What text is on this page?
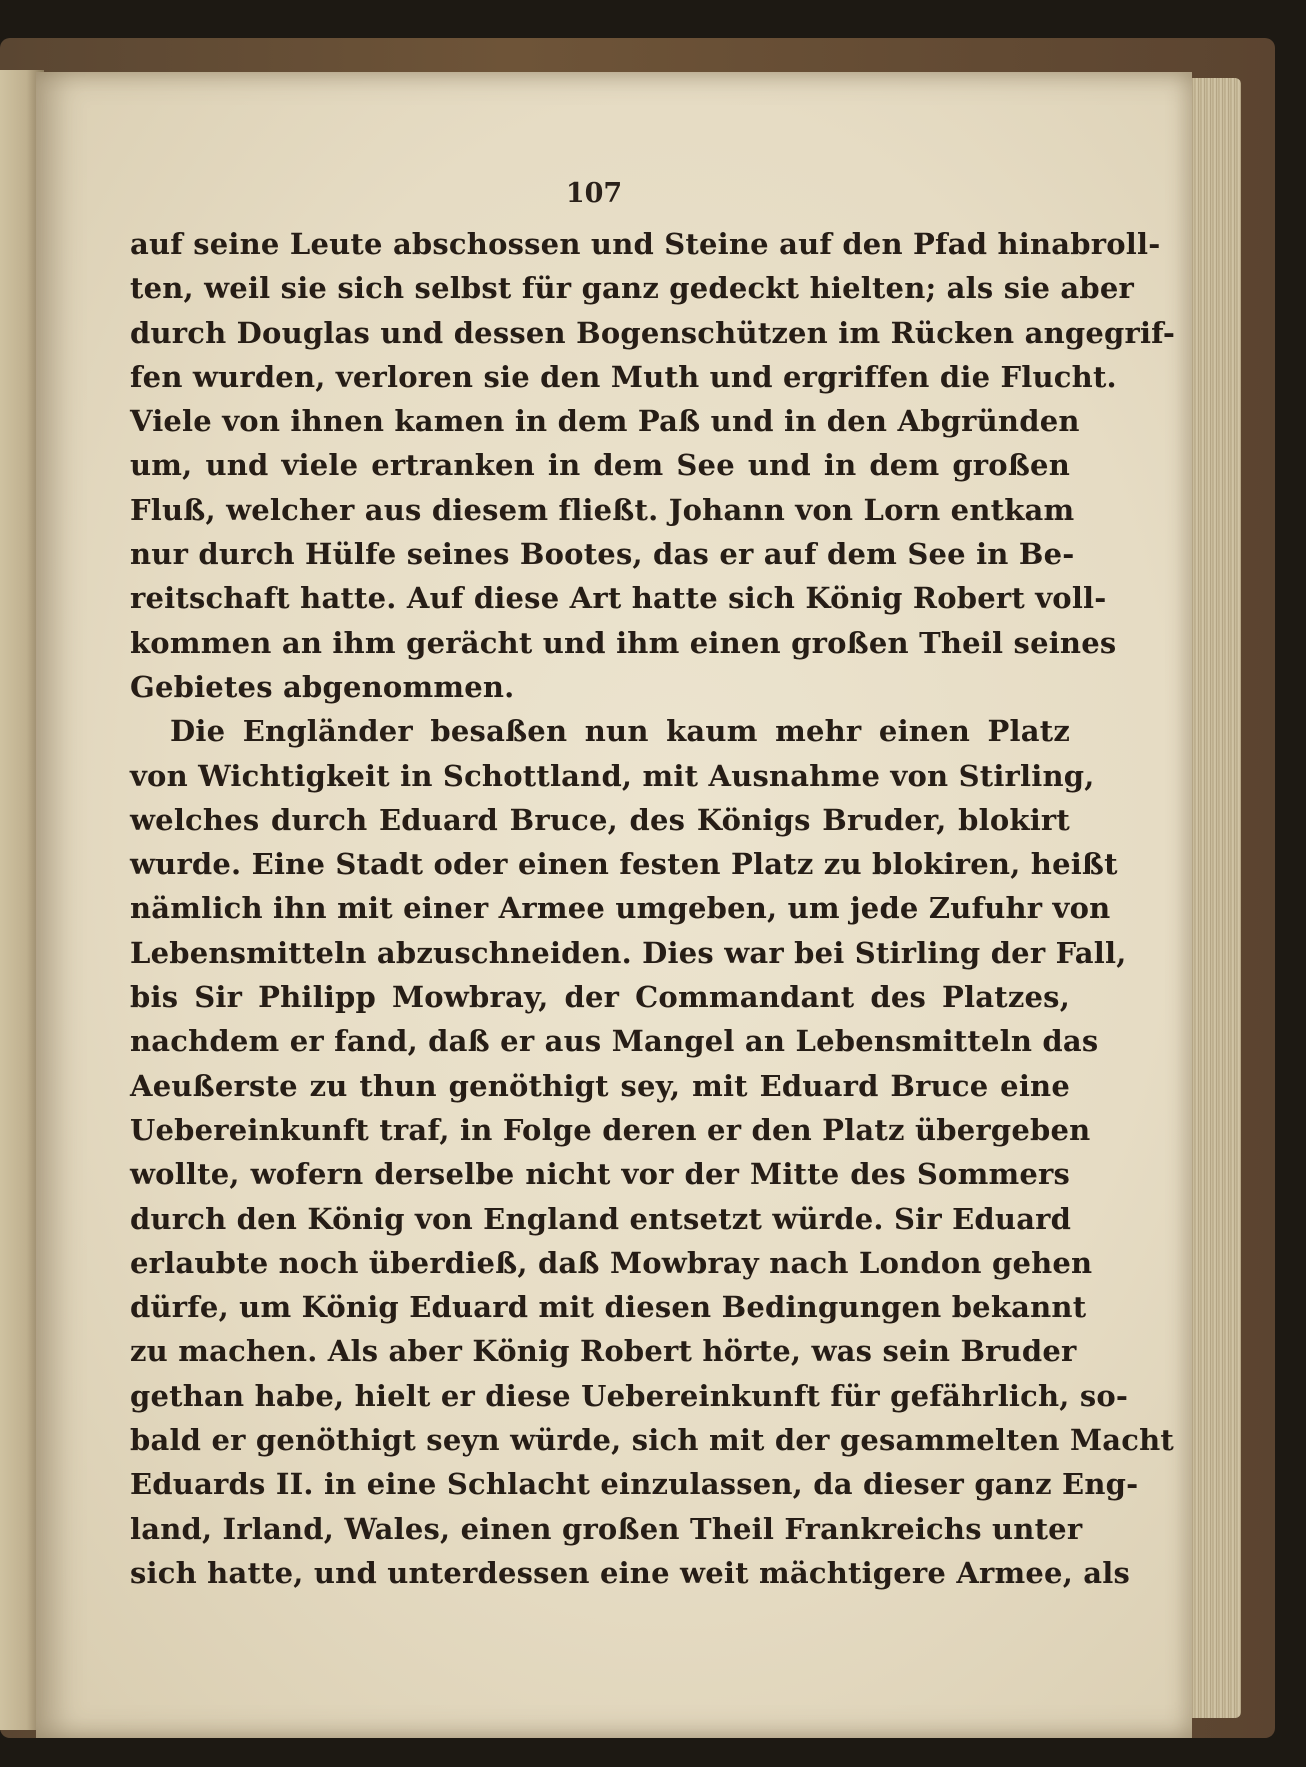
107
auf seine Leute abschossen und Steine auf den Pfad hinabroll-
ten, weil sie sich selbst für ganz gedeckt hielten; als sie aber
durch Douglas und dessen Bogenschützen im Rücken angegrif-
fen wurden, verloren sie den Muth und ergriffen die Flucht.
Viele von ihnen kamen in dem Paß und in den Abgründen
um, und viele ertranken in dem See und in dem großen
Fluß, welcher aus diesem fließt. Johann von Lorn entkam
nur durch Hülfe seines Bootes, das er auf dem See in Be-
reitschaft hatte. Auf diese Art hatte sich König Robert voll-
kommen an ihm gerächt und ihm einen großen Theil seines
Gebietes abgenommen.
Die Engländer besaßen nun kaum mehr einen Platz
von Wichtigkeit in Schottland, mit Ausnahme von Stirling,
welches durch Eduard Bruce, des Königs Bruder, blokirt
wurde. Eine Stadt oder einen festen Platz zu blokiren, heißt
nämlich ihn mit einer Armee umgeben, um jede Zufuhr von
Lebensmitteln abzuschneiden. Dies war bei Stirling der Fall,
bis Sir Philipp Mowbray, der Commandant des Platzes,
nachdem er fand, daß er aus Mangel an Lebensmitteln das
Aeußerste zu thun genöthigt sey, mit Eduard Bruce eine
Uebereinkunft traf, in Folge deren er den Platz übergeben
wollte, wofern derselbe nicht vor der Mitte des Sommers
durch den König von England entsetzt würde. Sir Eduard
erlaubte noch überdieß, daß Mowbray nach London gehen
dürfe, um König Eduard mit diesen Bedingungen bekannt
zu machen. Als aber König Robert hörte, was sein Bruder
gethan habe, hielt er diese Uebereinkunft für gefährlich, so-
bald er genöthigt seyn würde, sich mit der gesammelten Macht
Eduards II. in eine Schlacht einzulassen, da dieser ganz Eng-
land, Irland, Wales, einen großen Theil Frankreichs unter
sich hatte, und unterdessen eine weit mächtigere Armee, als
